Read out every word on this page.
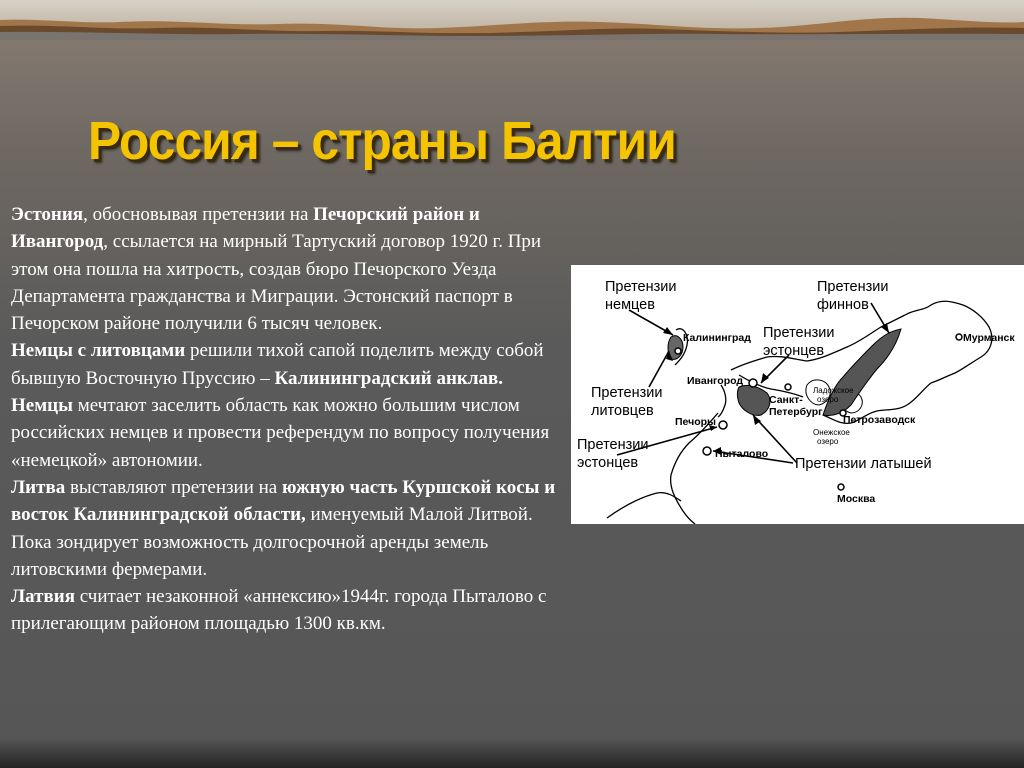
Россия – страны Балтии

Эстония, обосновывая претензии на Печорский район и Ивангород, ссылается на мирный Тартуский договор 1920 г. При этом она пошла на хитрость, создав бюро Печорского Уезда Департамента гражданства и Миграции. Эстонский паспорт в Печорском районе получили 6 тысяч человек.

Немцы с литовцами решили тихой сапой поделить между собой бывшую Восточную Пруссию – Калининградский анклав.

Немцы мечтают заселить область как можно большим числом российских немцев и провести референдум по вопросу получения «немецкой» автономии.

Литва выставляют претензии на южную часть Куршской косы и восток Калининградской области, именуемый Малой Литвой. Пока зондирует возможность долгосрочной аренды земель литовскими фермерами.

Латвия считает незаконной «аннексию»1944г. города Пыталово с прилегающим районом площадью 1300 кв.км.

Претензии
немцев
Претензии
финнов
Претензии
эстонцев
Претензии
литовцев
Претензии
эстонцев	Претензии латышей
Калининград	Мурманск
Ивангород
Печоры
Пыталово
Санкт-
Петербург
Петрозаводск
Ладожское
озеро
Онежское
озеро
Москва
